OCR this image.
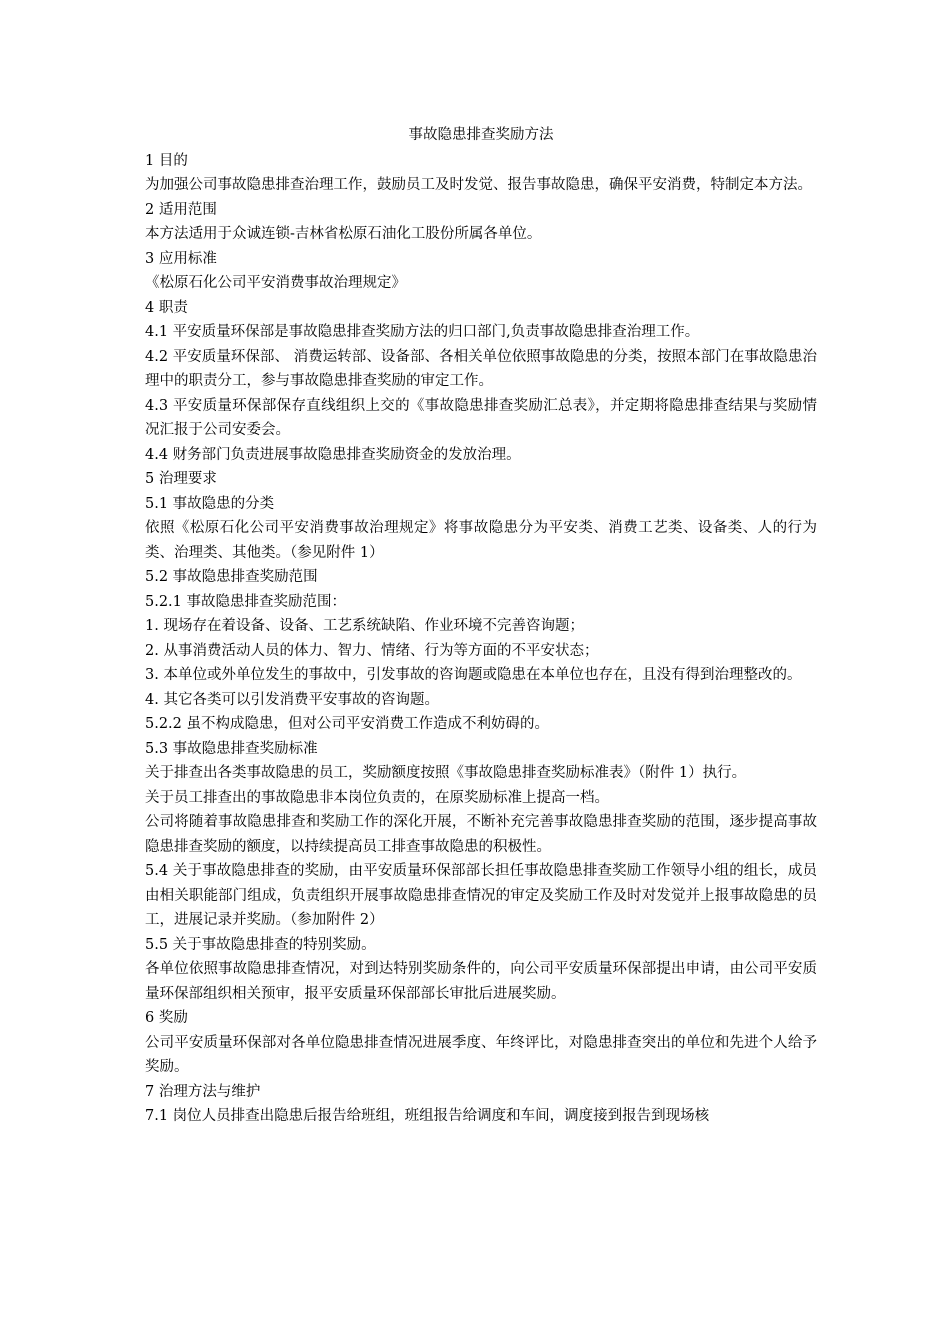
事故隐患排查奖励方法

1 目的

为加强公司事故隐患排查治理工作，鼓励员工及时发觉、报告事故隐患，确保平安消费，特制定本方法。

2 适用范围

本方法适用于众诚连锁-吉林省松原石油化工股份所属各单位。

3 应用标准

《松原石化公司平安消费事故治理规定》

4 职责

4.1 平安质量环保部是事故隐患排查奖励方法的归口部门,负责事故隐患排查治理工作。

4.2 平安质量环保部、 消费运转部、设备部、各相关单位依照事故隐患的分类，按照本部门在事故隐患治理中的职责分工，参与事故隐患排查奖励的审定工作。

4.3 平安质量环保部保存直线组织上交的《事故隐患排查奖励汇总表》，并定期将隐患排查结果与奖励情况汇报于公司安委会。

4.4 财务部门负责进展事故隐患排查奖励资金的发放治理。

5 治理要求

5.1 事故隐患的分类

依照《松原石化公司平安消费事故治理规定》将事故隐患分为平安类、消费工艺类、设备类、人的行为类、治理类、其他类。（参见附件 1）

5.2 事故隐患排查奖励范围

5.2.1 事故隐患排查奖励范围：

1. 现场存在着设备、设备、工艺系统缺陷、作业环境不完善咨询题；

2. 从事消费活动人员的体力、智力、情绪、行为等方面的不平安状态；

3. 本单位或外单位发生的事故中，引发事故的咨询题或隐患在本单位也存在，且没有得到治理整改的。

4. 其它各类可以引发消费平安事故的咨询题。

5.2.2 虽不构成隐患，但对公司平安消费工作造成不利妨碍的。

5.3 事故隐患排查奖励标准

关于排查出各类事故隐患的员工，奖励额度按照《事故隐患排查奖励标准表》（附件 1）执行。

关于员工排查出的事故隐患非本岗位负责的，在原奖励标准上提高一档。

公司将随着事故隐患排查和奖励工作的深化开展，不断补充完善事故隐患排查奖励的范围，逐步提高事故隐患排查奖励的额度，以持续提高员工排查事故隐患的积极性。

5.4 关于事故隐患排查的奖励，由平安质量环保部部长担任事故隐患排查奖励工作领导小组的组长，成员由相关职能部门组成，负责组织开展事故隐患排查情况的审定及奖励工作及时对发觉并上报事故隐患的员工，进展记录并奖励。（参加附件 2）

5.5 关于事故隐患排查的特别奖励。

各单位依照事故隐患排查情况，对到达特别奖励条件的，向公司平安质量环保部提出申请，由公司平安质量环保部组织相关预审，报平安质量环保部部长审批后进展奖励。

6 奖励

公司平安质量环保部对各单位隐患排查情况进展季度、年终评比，对隐患排查突出的单位和先进个人给予奖励。

7 治理方法与维护

7.1 岗位人员排查出隐患后报告给班组，班组报告给调度和车间，调度接到报告到现场核
